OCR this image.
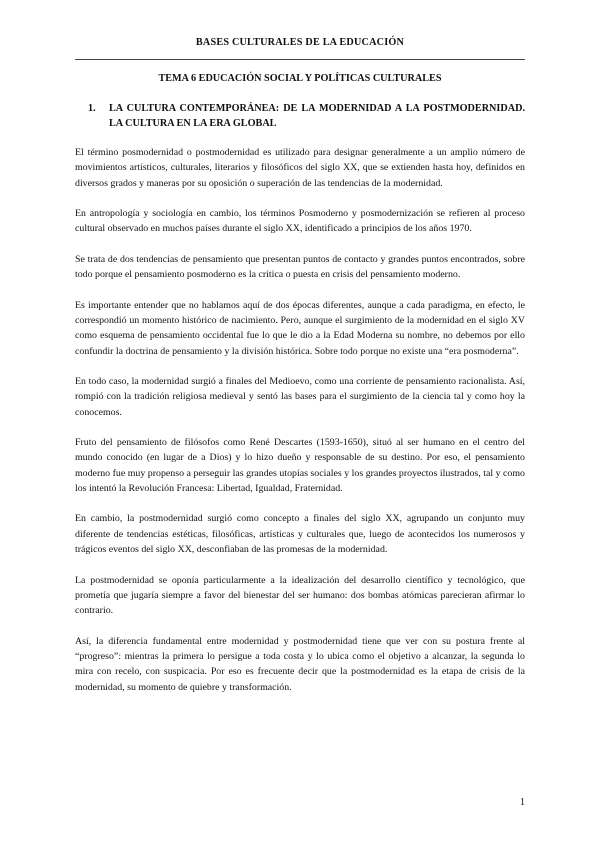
BASES CULTURALES DE LA EDUCACIÓN
TEMA 6 EDUCACIÓN SOCIAL Y POLÍTICAS CULTURALES
1. LA CULTURA CONTEMPORÁNEA: DE LA MODERNIDAD A LA POSTMODERNIDAD. LA CULTURA EN LA ERA GLOBAL

El término posmodernidad o postmodernidad es utilizado para designar generalmente a un amplio número de movimientos artísticos, culturales, literarios y filosóficos del siglo XX, que se extienden hasta hoy, definidos en diversos grados y maneras por su oposición o superación de las tendencias de la modernidad.

En antropología y sociología en cambio, los términos Posmoderno y posmodernización se refieren al proceso cultural observado en muchos países durante el siglo XX, identificado a principios de los años 1970.

Se trata de dos tendencias de pensamiento que presentan puntos de contacto y grandes puntos encontrados, sobre todo porque el pensamiento posmoderno es la crítica o puesta en crisis del pensamiento moderno.

Es importante entender que no hablamos aquí de dos épocas diferentes, aunque a cada paradigma, en efecto, le correspondió un momento histórico de nacimiento. Pero, aunque el surgimiento de la modernidad en el siglo XV como esquema de pensamiento occidental fue lo que le dio a la Edad Moderna su nombre, no debemos por ello confundir la doctrina de pensamiento y la división histórica. Sobre todo porque no existe una “era posmoderna”.

En todo caso, la modernidad surgió a finales del Medioevo, como una corriente de pensamiento racionalista. Así, rompió con la tradición religiosa medieval y sentó las bases para el surgimiento de la ciencia tal y como hoy la conocemos.

Fruto del pensamiento de filósofos como René Descartes (1593-1650), situó al ser humano en el centro del mundo conocido (en lugar de a Dios) y lo hizo dueño y responsable de su destino. Por eso, el pensamiento moderno fue muy propenso a perseguir las grandes utopías sociales y los grandes proyectos ilustrados, tal y como los intentó la Revolución Francesa: Libertad, Igualdad, Fraternidad.

En cambio, la postmodernidad surgió como concepto a finales del siglo XX, agrupando un conjunto muy diferente de tendencias estéticas, filosóficas, artísticas y culturales que, luego de acontecidos los numerosos y trágicos eventos del siglo XX, desconfiaban de las promesas de la modernidad.

La postmodernidad se oponía particularmente a la idealización del desarrollo científico y tecnológico, que prometía que jugaría siempre a favor del bienestar del ser humano: dos bombas atómicas parecieran afirmar lo contrario.

Así, la diferencia fundamental entre modernidad y postmodernidad tiene que ver con su postura frente al “progreso”: mientras la primera lo persigue a toda costa y lo ubica como el objetivo a alcanzar, la segunda lo mira con recelo, con suspicacia. Por eso es frecuente decir que la postmodernidad es la etapa de crisis de la modernidad, su momento de quiebre y transformación.

1
